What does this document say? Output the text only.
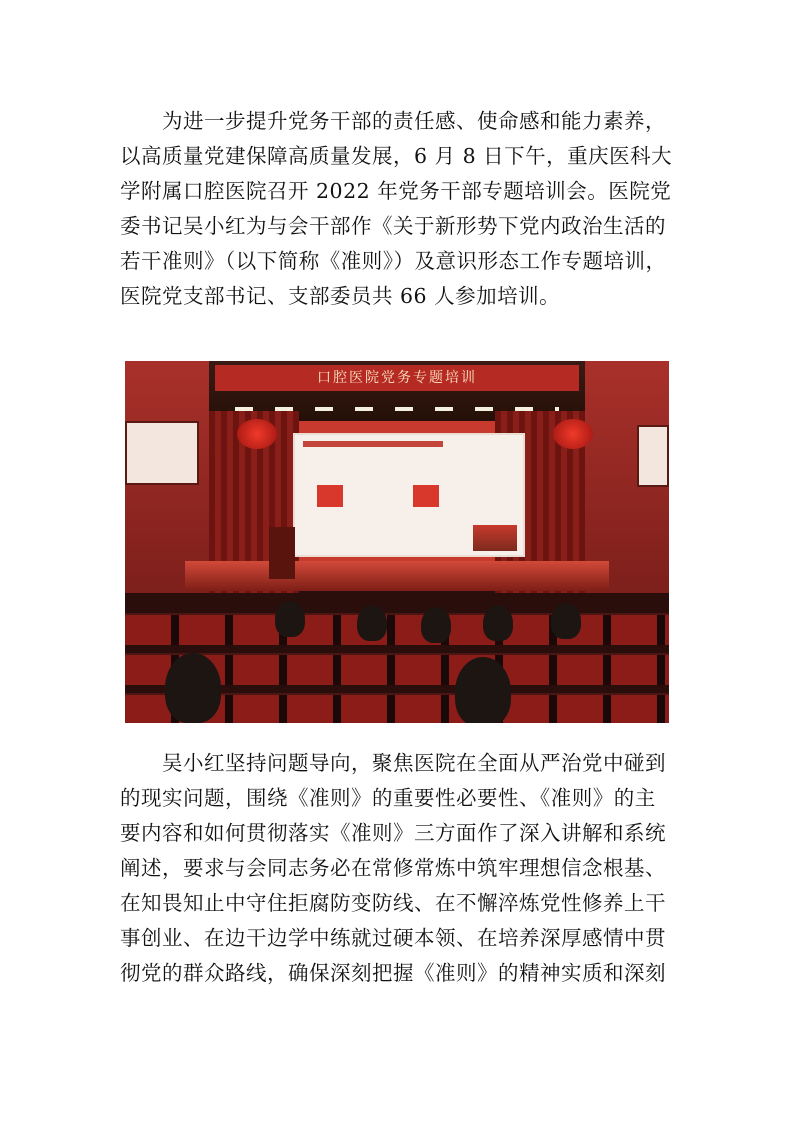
为进一步提升党务干部的责任感、使命感和能力素养，
以高质量党建保障高质量发展，6 月 8 日下午，重庆医科大
学附属口腔医院召开 2022 年党务干部专题培训会。医院党
委书记吴小红为与会干部作《关于新形势下党内政治生活的
若干准则》（以下简称《准则》）及意识形态工作专题培训，
医院党支部书记、支部委员共 66 人参加培训。
口腔医院党务专题培训
吴小红坚持问题导向，聚焦医院在全面从严治党中碰到
的现实问题，围绕《准则》的重要性必要性、《准则》的主
要内容和如何贯彻落实《准则》三方面作了深入讲解和系统
阐述，要求与会同志务必在常修常炼中筑牢理想信念根基、
在知畏知止中守住拒腐防变防线、在不懈淬炼党性修养上干
事创业、在边干边学中练就过硬本领、在培养深厚感情中贯
彻党的群众路线，确保深刻把握《准则》的精神实质和深刻
